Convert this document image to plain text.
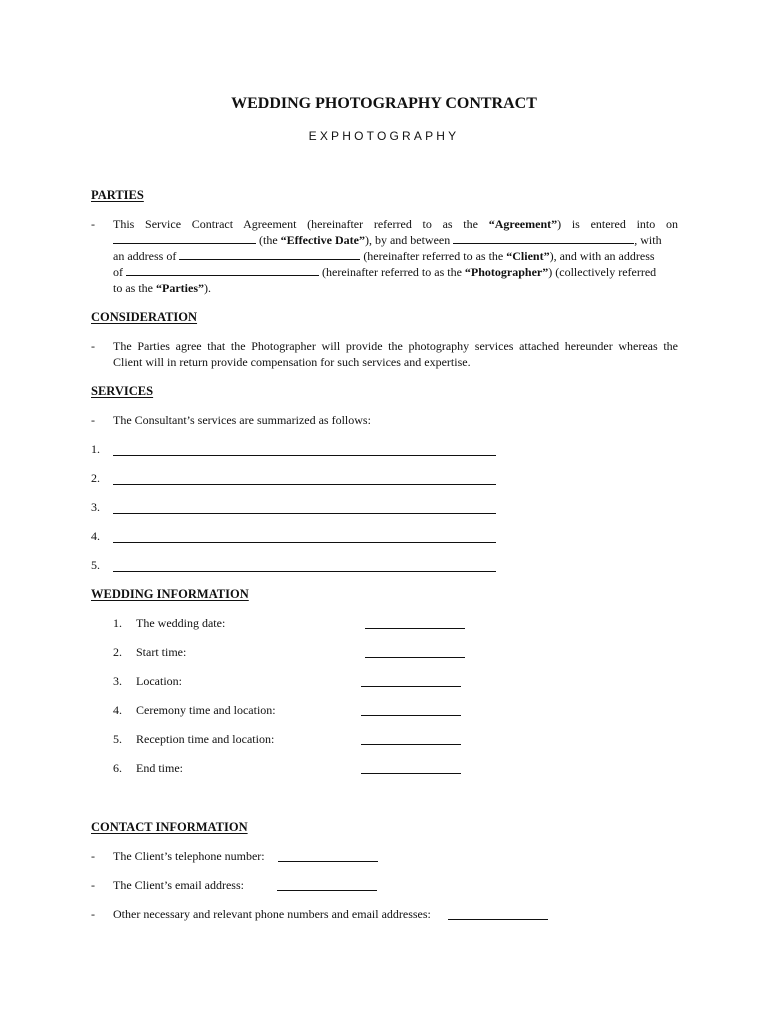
WEDDING PHOTOGRAPHY CONTRACT
EXPHOTOGRAPHY
PARTIES
- This Service Contract Agreement (hereinafter referred to as the “Agreement”) is entered into on
(the “Effective Date”), by and between	, with
an address of	(hereinafter referred to as the “Client”), and with an address
of	(hereinafter referred to as the “Photographer”) (collectively referred
to as the “Parties”).
CONSIDERATION
- The Parties agree that the Photographer will provide the photography services attached hereunder whereas the
Client will in return provide compensation for such services and expertise.
SERVICES
- The Consultant’s services are summarized as follows:
1.
2.
3.
4.
5.
WEDDING INFORMATION
1. The wedding date:
2. Start time:
3. Location:
4. Ceremony time and location:
5. Reception time and location:
6. End time:
CONTACT INFORMATION
- The Client’s telephone number:
- The Client’s email address:
- Other necessary and relevant phone numbers and email addresses:
